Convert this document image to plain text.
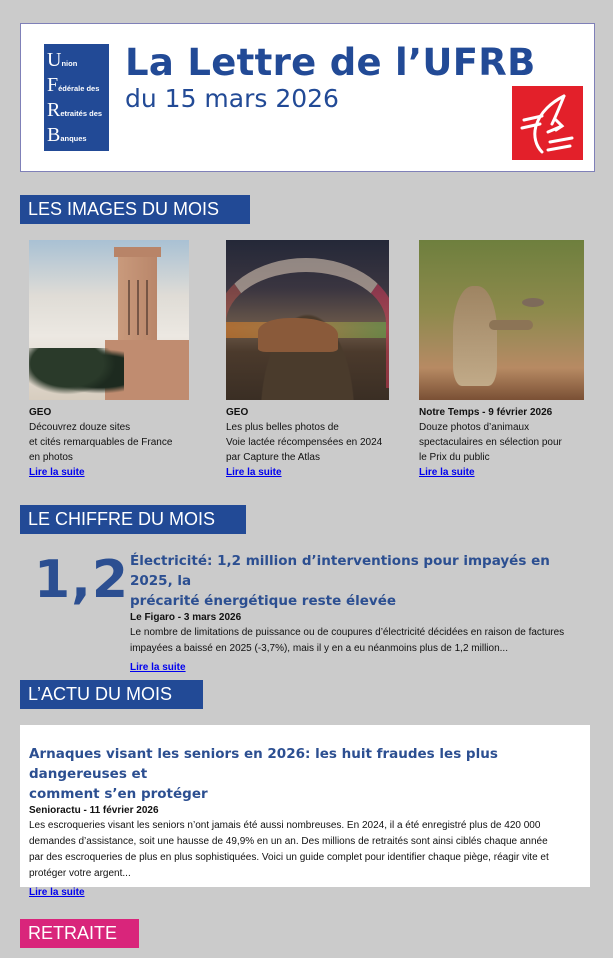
Union
Fédérale des
Retraités des
Banques
La Lettre de l’UFRB
du 15 mars 2026
LES IMAGES DU MOIS
GEO
Découvrez douze sites
et cités remarquables de France
en photos
Lire la suite
GEO
Les plus belles photos de
Voie lactée récompensées en 2024
par Capture the Atlas
Lire la suite
Notre Temps - 9 février 2026
Douze photos d’animaux
spectaculaires en sélection pour
le Prix du public
Lire la suite
LE CHIFFRE DU MOIS
1,2 Électricité: 1,2 million d’interventions pour impayés en 2025, la
précarité énergétique reste élevée
Le Figaro - 3 mars 2026
Le nombre de limitations de puissance ou de coupures d’électricité décidées en raison de factures
impayées a baissé en 2025 (-3,7%), mais il y en a eu néanmoins plus de 1,2 million...
Lire la suite
L’ACTU DU MOIS
Arnaques visant les seniors en 2026: les huit fraudes les plus dangereuses et
comment s’en protéger
Senioractu - 11 février 2026
Les escroqueries visant les seniors n’ont jamais été aussi nombreuses. En 2024, il a été enregistré plus de 420 000
demandes d’assistance, soit une hausse de 49,9% en un an. Des millions de retraités sont ainsi ciblés chaque année
par des escroqueries de plus en plus sophistiquées. Voici un guide complet pour identifier chaque piège, réagir vite et
protéger votre argent...
Lire la suite
RETRAITE
